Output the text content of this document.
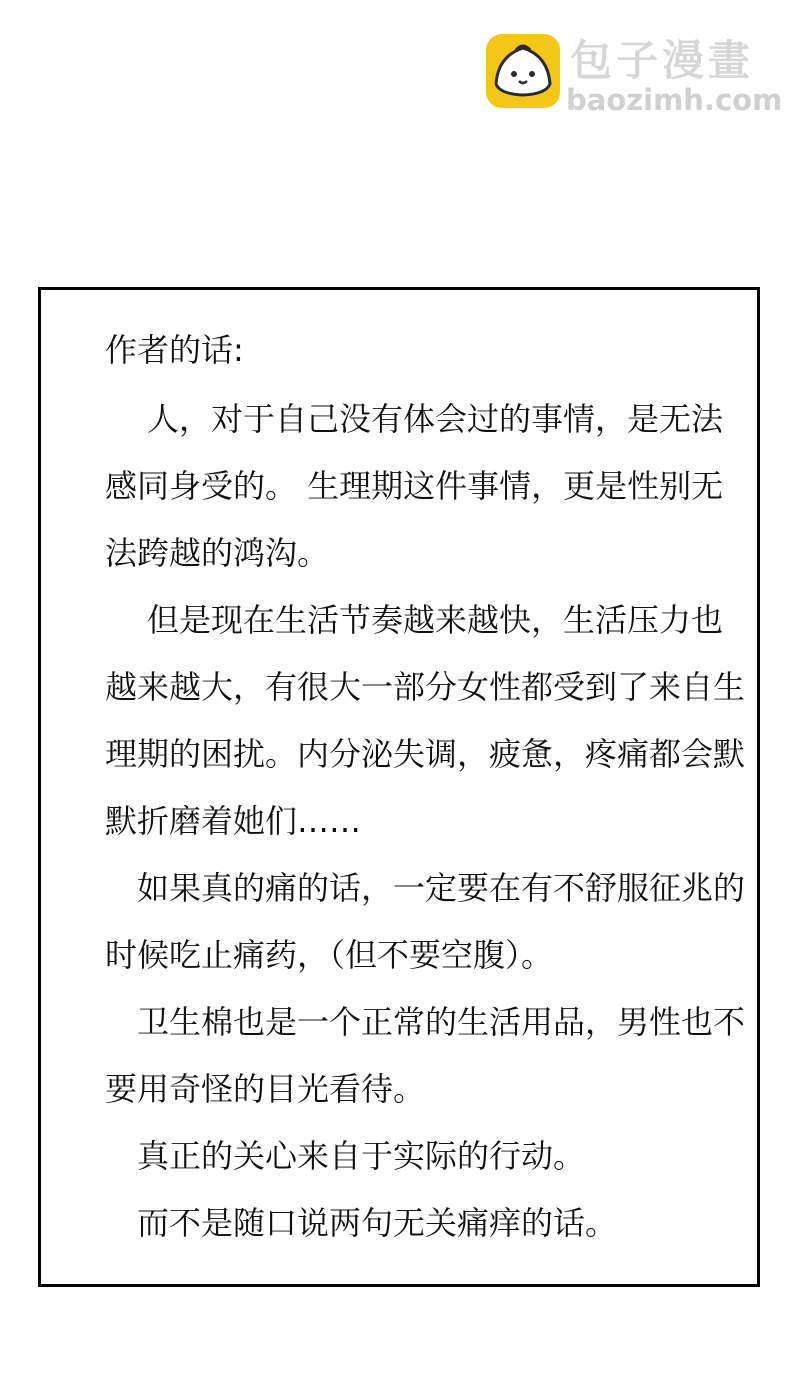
包子漫畫
baozimh.com
作者的话:
人，对于自己没有体会过的事情，是无法感同身受的。 生理期这件事情，更是性别无法跨越的鸿沟。
但是现在生活节奏越来越快，生活压力也越来越大，有很大一部分女性都受到了来自生理期的困扰。内分泌失调，疲惫，疼痛都会默默折磨着她们……
如果真的痛的话，一定要在有不舒服征兆的时候吃止痛药，（但不要空腹）。
卫生棉也是一个正常的生活用品，男性也不要用奇怪的目光看待。
真正的关心来自于实际的行动。
而不是随口说两句无关痛痒的话。
